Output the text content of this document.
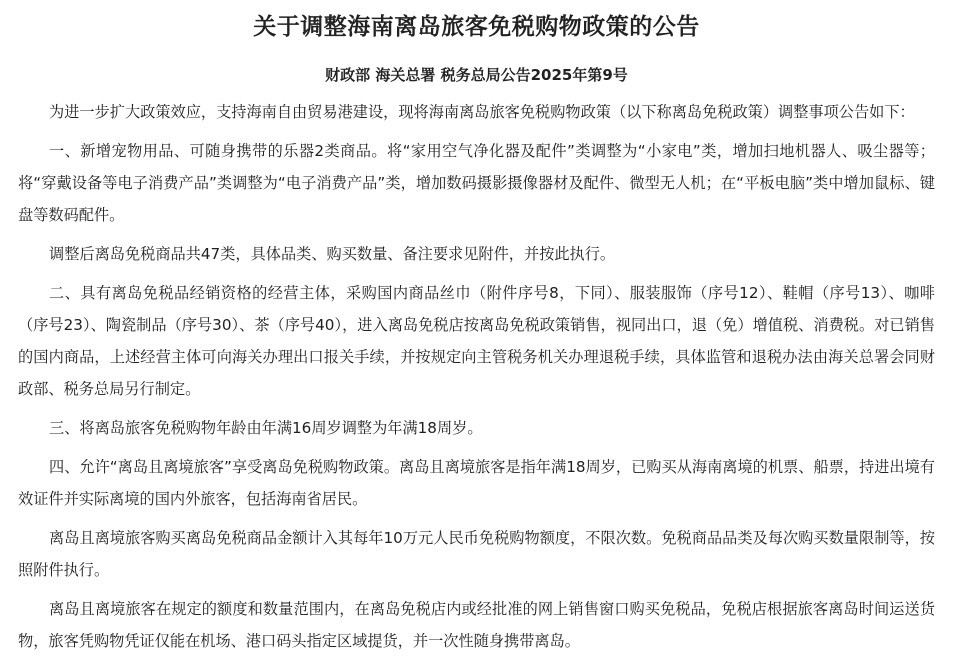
关于调整海南离岛旅客免税购物政策的公告
财政部 海关总署 税务总局公告2025年第9号

为进一步扩大政策效应，支持海南自由贸易港建设，现将海南离岛旅客免税购物政策（以下称离岛免税政策）调整事项公告如下：

一、新增宠物用品、可随身携带的乐器2类商品。将“家用空气净化器及配件”类调整为“小家电”类，增加扫地机器人、吸尘器等；将“穿戴设备等电子消费产品”类调整为“电子消费产品”类，增加数码摄影摄像器材及配件、微型无人机；在“平板电脑”类中增加鼠标、键盘等数码配件。

调整后离岛免税商品共47类，具体品类、购买数量、备注要求见附件，并按此执行。

二、具有离岛免税品经销资格的经营主体，采购国内商品丝巾（附件序号8，下同）、服装服饰（序号12）、鞋帽（序号13）、咖啡（序号23）、陶瓷制品（序号30）、茶（序号40），进入离岛免税店按离岛免税政策销售，视同出口，退（免）增值税、消费税。对已销售的国内商品，上述经营主体可向海关办理出口报关手续，并按规定向主管税务机关办理退税手续，具体监管和退税办法由海关总署会同财政部、税务总局另行制定。

三、将离岛旅客免税购物年龄由年满16周岁调整为年满18周岁。

四、允许“离岛且离境旅客”享受离岛免税购物政策。离岛且离境旅客是指年满18周岁，已购买从海南离境的机票、船票，持进出境有效证件并实际离境的国内外旅客，包括海南省居民。

离岛且离境旅客购买离岛免税商品金额计入其每年10万元人民币免税购物额度，不限次数。免税商品品类及每次购买数量限制等，按照附件执行。

离岛且离境旅客在规定的额度和数量范围内，在离岛免税店内或经批准的网上销售窗口购买免税品，免税店根据旅客离岛时间运送货物，旅客凭购物凭证仅能在机场、港口码头指定区域提货，并一次性随身携带离岛。
